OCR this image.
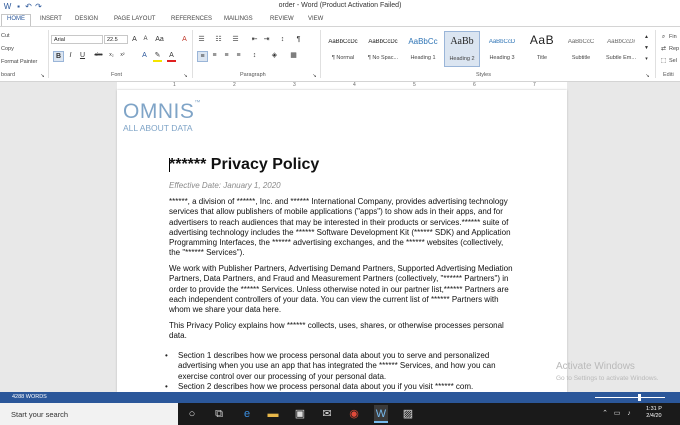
W ▪ ↶ ↷	order - Word (Product Activation Failed)
HOME	INSERT DESIGN	PAGE LAYOUT	REFERENCES MAILINGS	REVIEW VIEW
Cut
Copy
Format Painter
board	↘
Arial	22.5	A	A	Aa	A
B	I	U	abc	x₂	x²	A	✎	A
Font	↘
☰ ☷ ☰ ⇤ ⇥	↕	¶
≡	≡	≡	≡	↕	◈ ▦
Paragraph	↘
AaBbCcDc
¶ Normal
AaBbCcDc
¶ No Spac...
AaBbCc
Heading 1
AaBb
Heading 2
AaBbCcD
Heading 3
AaB
Title
AaBbCcC
Subtitle
AaBbCcDi
Subtle Em...
▲
▼
▾
Styles	↘
⌕ Fin
⇄ Rep
⬚ Sel
Editi
1	2	3	4	5	6	7
OMNIS™
ALL ABOUT DATA
****** Privacy Policy
Effective Date: January 1, 2020
******, a division of ******, Inc. and ****** International Company, provides advertising technology services that allow publishers of mobile applications ("apps") to show ads in their apps, and for advertisers to reach audiences that may be interested in their products or services.****** suite of advertising technology includes the ****** Software Development Kit (****** SDK) and Application Programming Interfaces, the ****** advertising exchanges, and the ****** websites (collectively, the "****** Services").
We work with Publisher Partners, Advertising Demand Partners, Supported Advertising Mediation Partners, Data Partners, and Fraud and Measurement Partners (collectively, "****** Partners") in order to provide the ****** Services. Unless otherwise noted in our partner list,****** Partners are each independent controllers of your data. You can view the current list of ****** Partners with whom we share your data here.
This Privacy Policy explains how ****** collects, uses, shares, or otherwise processes personal data.
• Section 1 describes how we process personal data about you to serve and personalized advertising when you use an app that has integrated the ****** Services, and how you can exercise control over our processing of your personal data.
• Section 2 describes how we process personal data about you if you visit ****** com.
Activate Windows
Go to Settings to activate Windows.
4288 WORDS
Start your search	○	⧉	e	▬ ▣ ✉ ◉ W ▨	⌃ ▭ ♪
1:31 P
2/4/20
